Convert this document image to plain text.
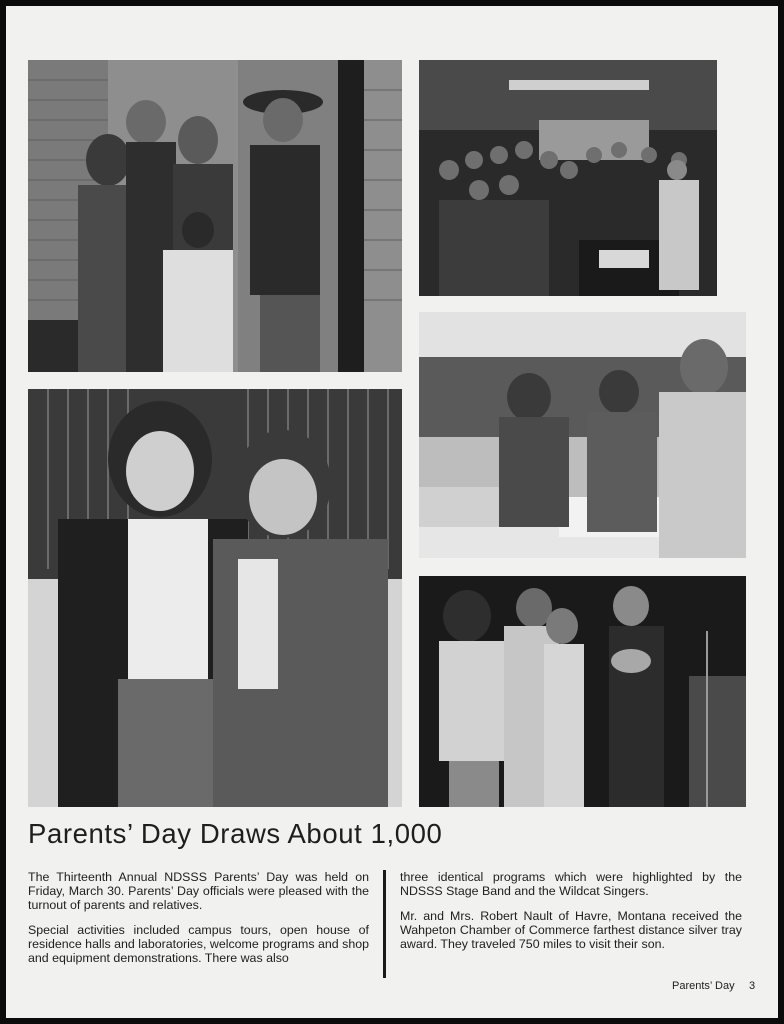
Parents’ Day Draws About 1,000

The Thirteenth Annual NDSSS Parents’ Day was held on Friday, March 30. Parents’ Day officials were pleased with the turnout of parents and relatives.

Special activities included campus tours, open house of residence halls and laboratories, welcome programs and shop and equipment demonstrations. There was also

three identical programs which were highlighted by the NDSSS Stage Band and the Wildcat Singers.

Mr. and Mrs. Robert Nault of Havre, Montana received the Wahpeton Chamber of Commerce farthest distance silver tray award. They traveled 750 miles to visit their son.

Parents’ Day 3
